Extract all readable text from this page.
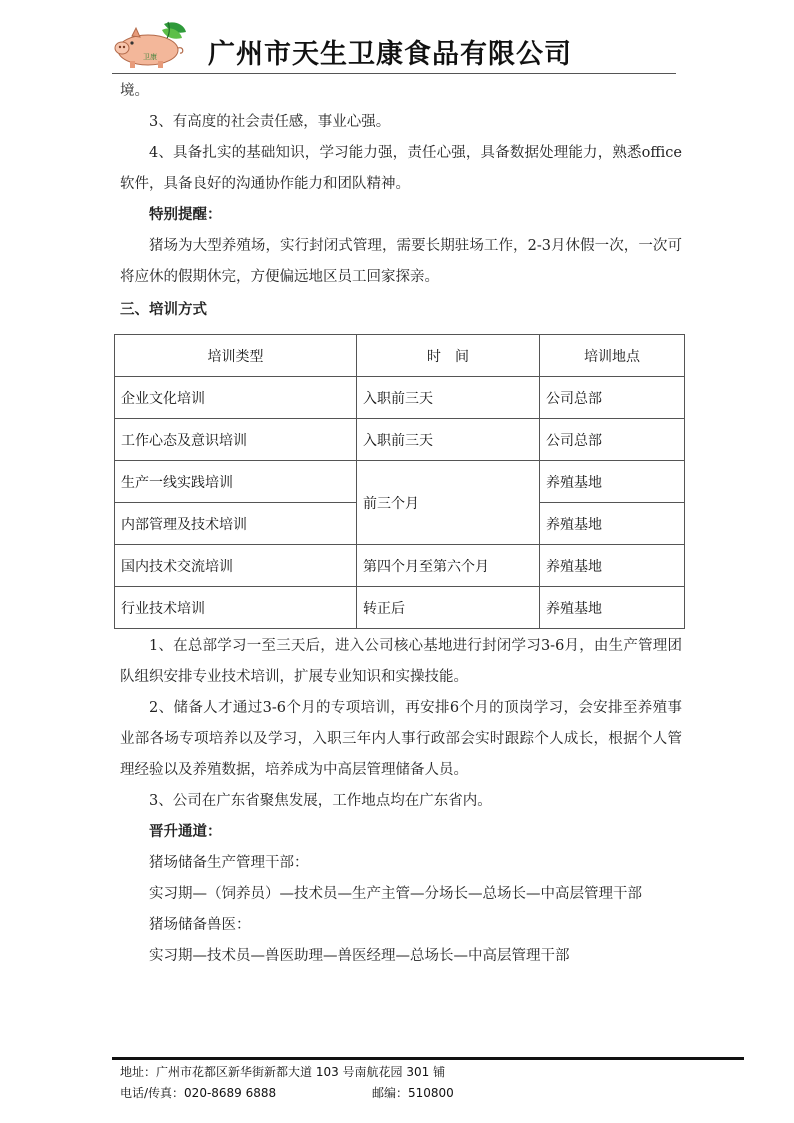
卫康 广州市天生卫康食品有限公司

境。

3、有高度的社会责任感，事业心强。

4、具备扎实的基础知识，学习能力强，责任心强，具备数据处理能力，熟悉office软件，具备良好的沟通协作能力和团队精神。

特别提醒：

猪场为大型养殖场，实行封闭式管理，需要长期驻场工作，2-3月休假一次，一次可将应休的假期休完，方便偏远地区员工回家探亲。

三、培训方式

培训类型	时　间	培训地点
企业文化培训	入职前三天	公司总部
工作心态及意识培训	入职前三天	公司总部
生产一线实践培训	前三个月	养殖基地
内部管理及技术培训		养殖基地
国内技术交流培训	第四个月至第六个月	养殖基地
行业技术培训	转正后	养殖基地

1、在总部学习一至三天后，进入公司核心基地进行封闭学习3-6月，由生产管理团队组织安排专业技术培训，扩展专业知识和实操技能。

2、储备人才通过3-6个月的专项培训，再安排6个月的顶岗学习，会安排至养殖事业部各场专项培养以及学习，入职三年内人事行政部会实时跟踪个人成长，根据个人管理经验以及养殖数据，培养成为中高层管理储备人员。

3、公司在广东省聚焦发展，工作地点均在广东省内。

晋升通道：

猪场储备生产管理干部：

实习期—（饲养员）—技术员—生产主管—分场长—总场长—中高层管理干部

猪场储备兽医：

实习期—技术员—兽医助理—兽医经理—总场长—中高层管理干部

地址：广州市花都区新华街新都大道 103 号南航花园 301 铺
电话/传真：020-8689 6888	邮编：510800
